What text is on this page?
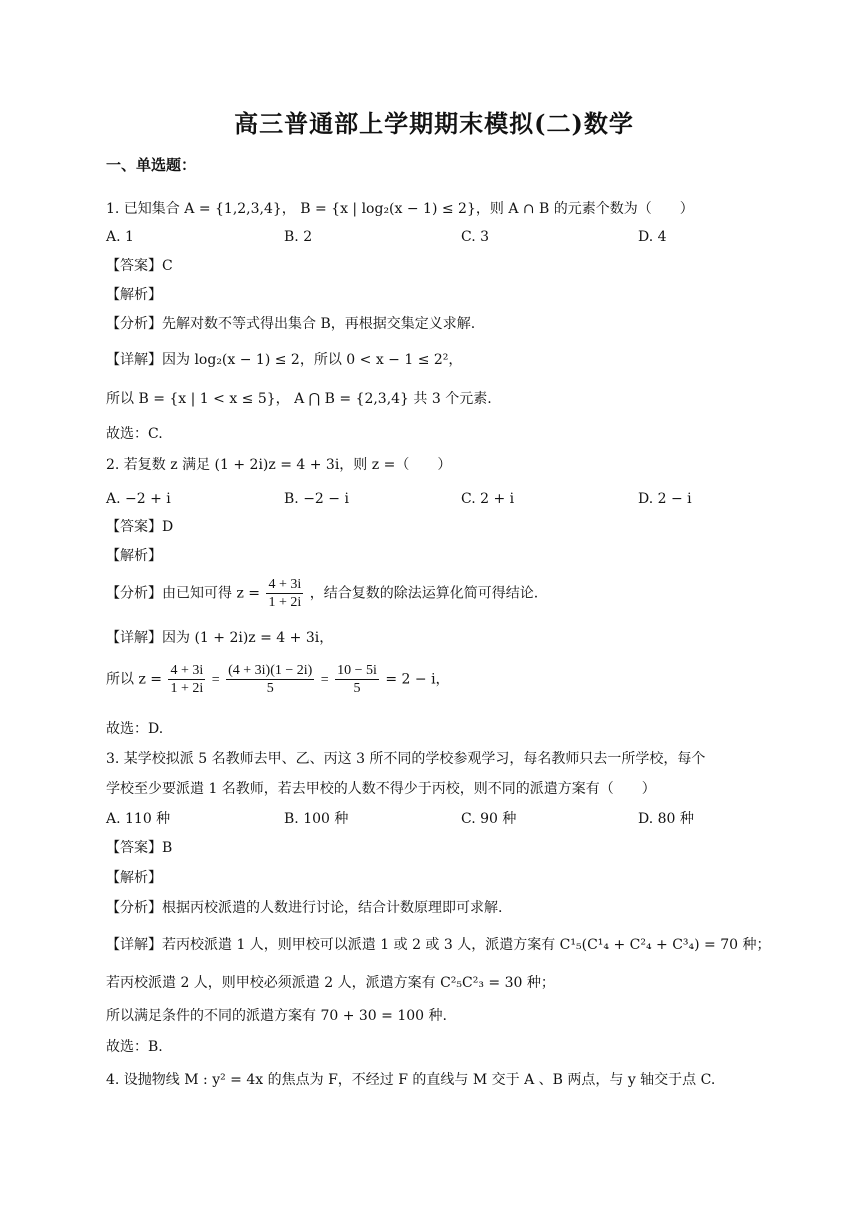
高三普通部上学期期末模拟(二)数学
一、单选题：
1. 已知集合 A = {1,2,3,4}， B = {x | log₂(x − 1) ≤ 2}，则 A ∩ B 的元素个数为（　　）
A. 1	B. 2	C. 3	D. 4
【答案】C
【解析】
【分析】先解对数不等式得出集合 B，再根据交集定义求解.
【详解】因为 log₂(x − 1) ≤ 2，所以 0 < x − 1 ≤ 2²，
所以 B = {x | 1 < x ≤ 5}， A ⋂ B = {2,3,4} 共 3 个元素.
故选：C.
2. 若复数 z 满足 (1 + 2i)z = 4 + 3i，则 z =（　　）
A. −2 + i	B. −2 − i	C. 2 + i	D. 2 − i
【答案】D
【解析】
【分析】由已知可得 $z = \frac{4 + 3i}{1 + 2i}$ ，结合复数的除法运算化简可得结论.
【详解】因为 (1 + 2i)z = 4 + 3i，
所以 $z = \frac{4 + 3i}{1 + 2i} = \frac{(4 + 3i)(1 - 2i)}{5} = \frac{10 - 5i}{5} = 2 - i$，
故选：D.
3. 某学校拟派 5 名教师去甲、乙、丙这 3 所不同的学校参观学习，每名教师只去一所学校，每个
学校至少要派遣 1 名教师，若去甲校的人数不得少于丙校，则不同的派遣方案有（　　）
A. 110 种	B. 100 种	C. 90 种	D. 80 种
【答案】B
【解析】
【分析】根据丙校派遣的人数进行讨论，结合计数原理即可求解.
【详解】若丙校派遣 1 人，则甲校可以派遣 1 或 2 或 3 人，派遣方案有 C¹₅(C¹₄ + C²₄ + C³₄) = 70 种；
若丙校派遣 2 人，则甲校必须派遣 2 人，派遣方案有 C²₅C²₃ = 30 种；
所以满足条件的不同的派遣方案有 70 + 30 = 100 种.
故选：B.
4. 设抛物线 M : y² = 4x 的焦点为 F，不经过 F 的直线与 M 交于 A 、B 两点，与 y 轴交于点 C.
